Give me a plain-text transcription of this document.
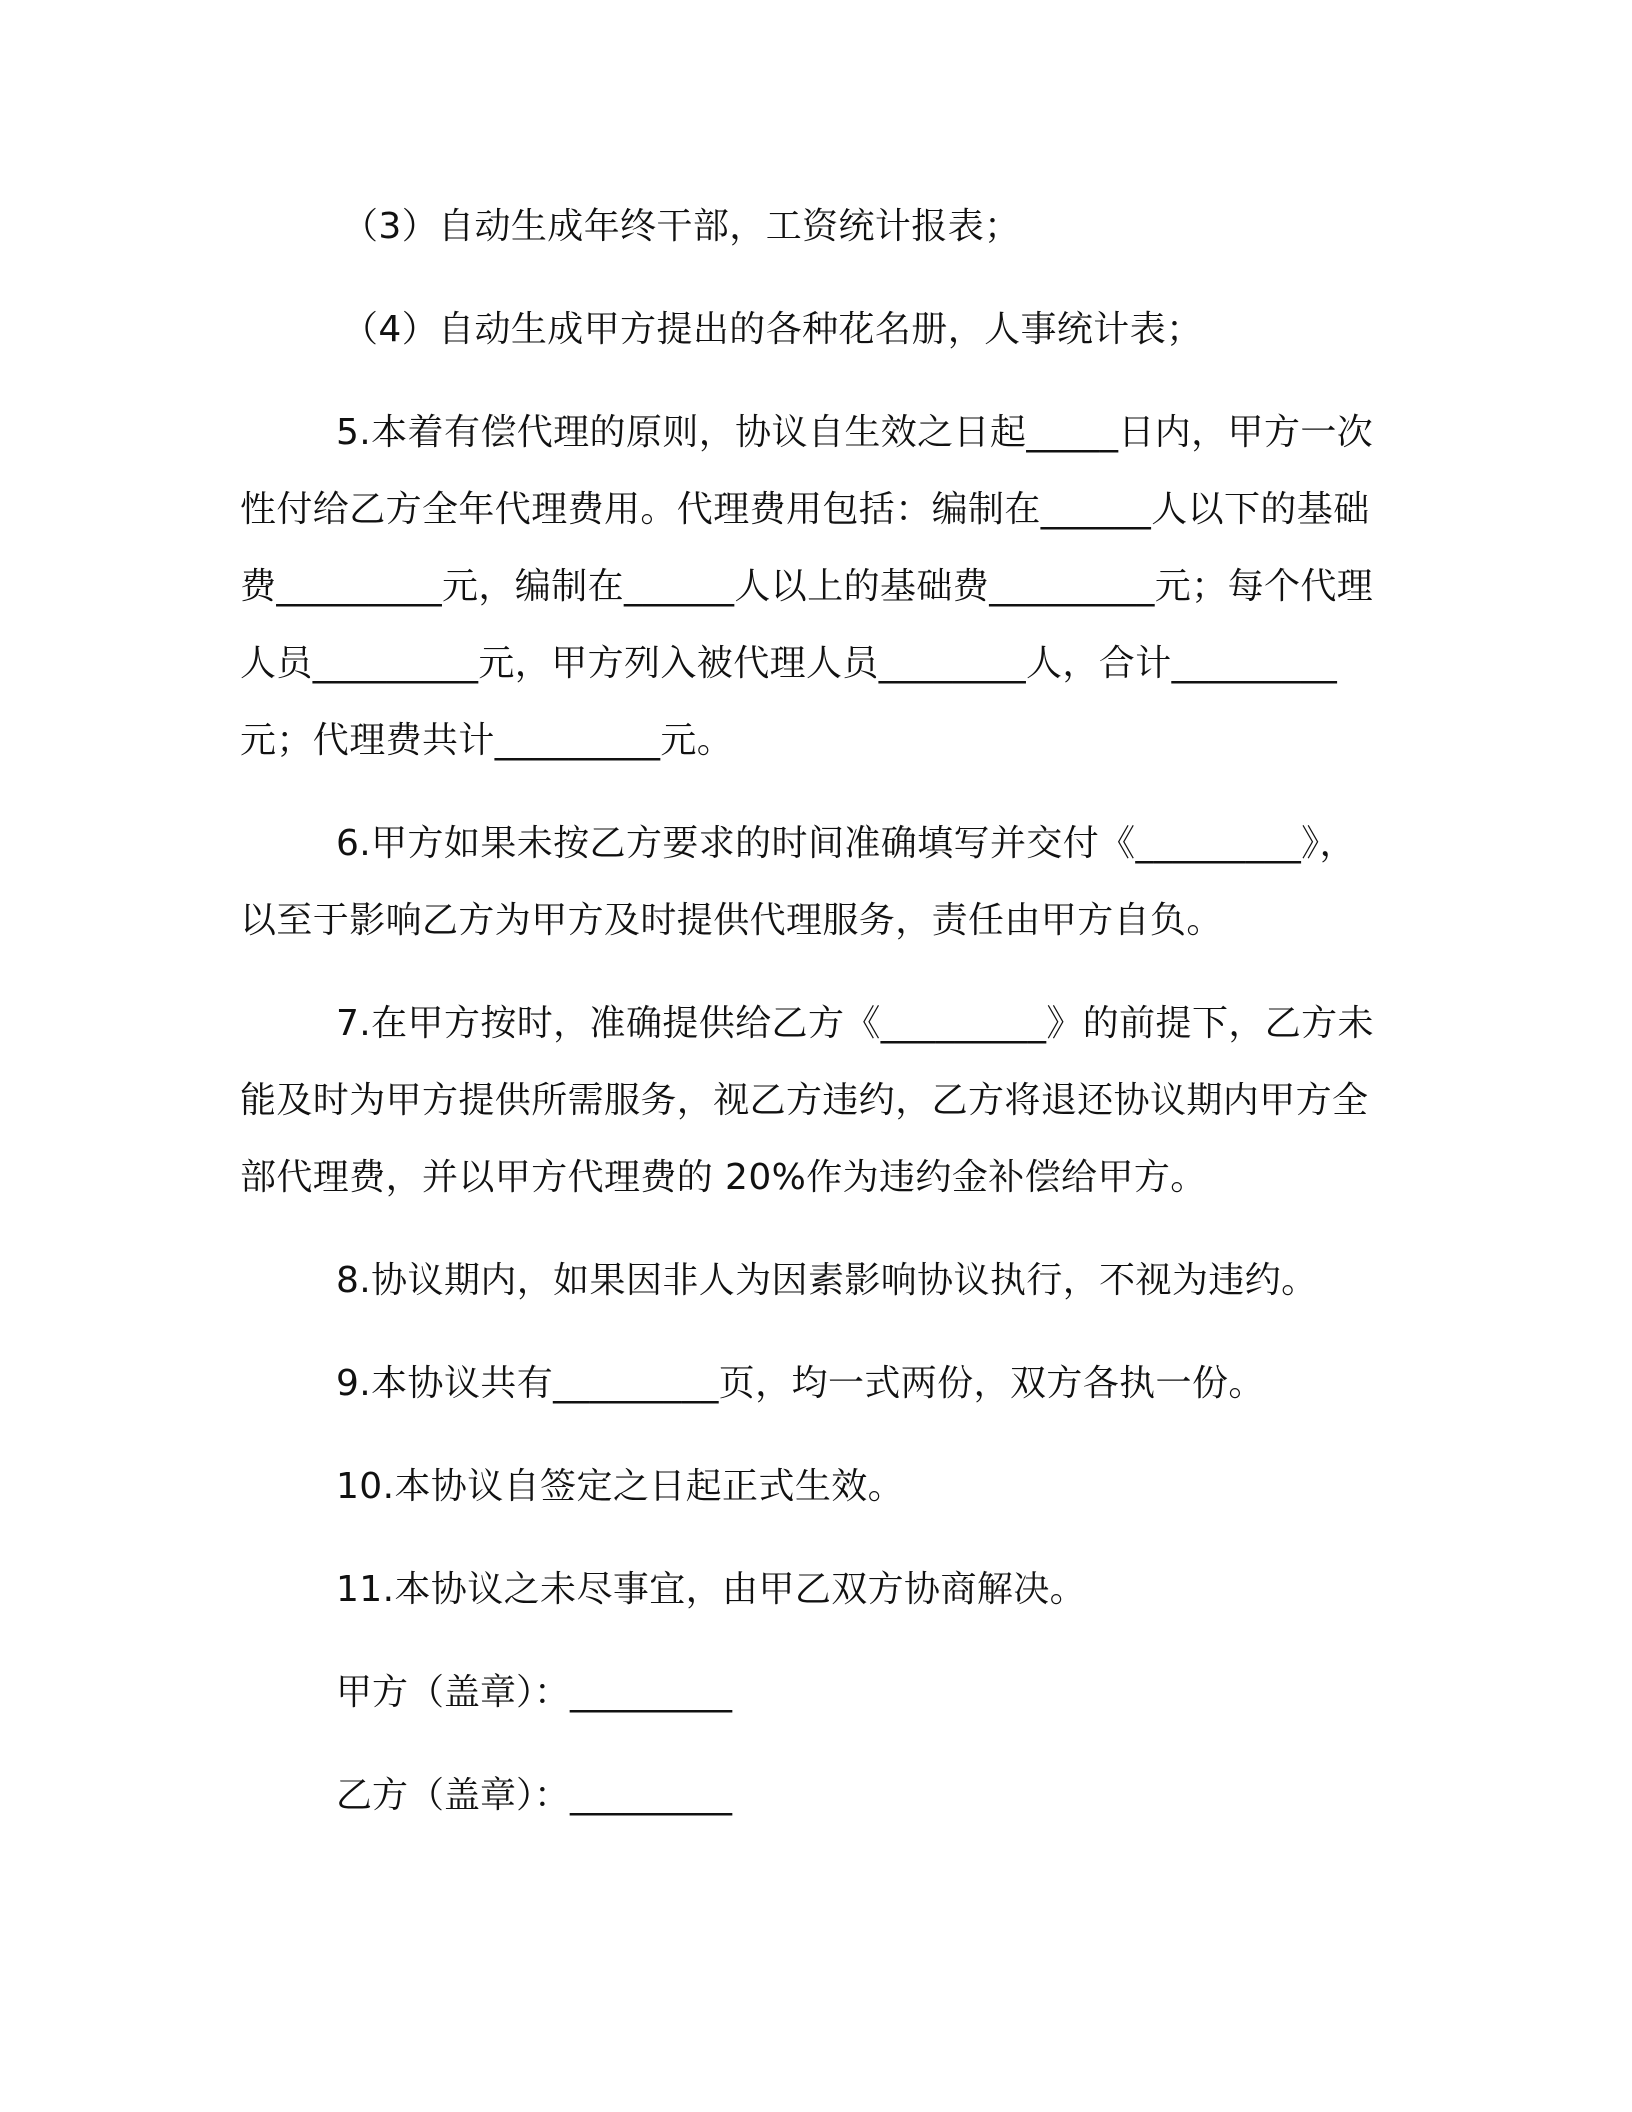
（3）自动生成年终干部，工资统计报表；

（4）自动生成甲方提出的各种花名册，人事统计表；

5.本着有偿代理的原则，协议自生效之日起_____日内，甲方一次性付给乙方全年代理费用。代理费用包括：编制在______人以下的基础费_________元，编制在______人以上的基础费_________元；每个代理人员_________元，甲方列入被代理人员________人，合计_________元；代理费共计_________元。

6.甲方如果未按乙方要求的时间准确填写并交付《_________》，以至于影响乙方为甲方及时提供代理服务，责任由甲方自负。

7.在甲方按时，准确提供给乙方《_________》的前提下，乙方未能及时为甲方提供所需服务，视乙方违约，乙方将退还协议期内甲方全部代理费，并以甲方代理费的 20%作为违约金补偿给甲方。

8.协议期内，如果因非人为因素影响协议执行，不视为违约。

9.本协议共有_________页，均一式两份，双方各执一份。

10.本协议自签定之日起正式生效。

11.本协议之未尽事宜，由甲乙双方协商解决。

甲方（盖章）：_________

乙方（盖章）：_________
